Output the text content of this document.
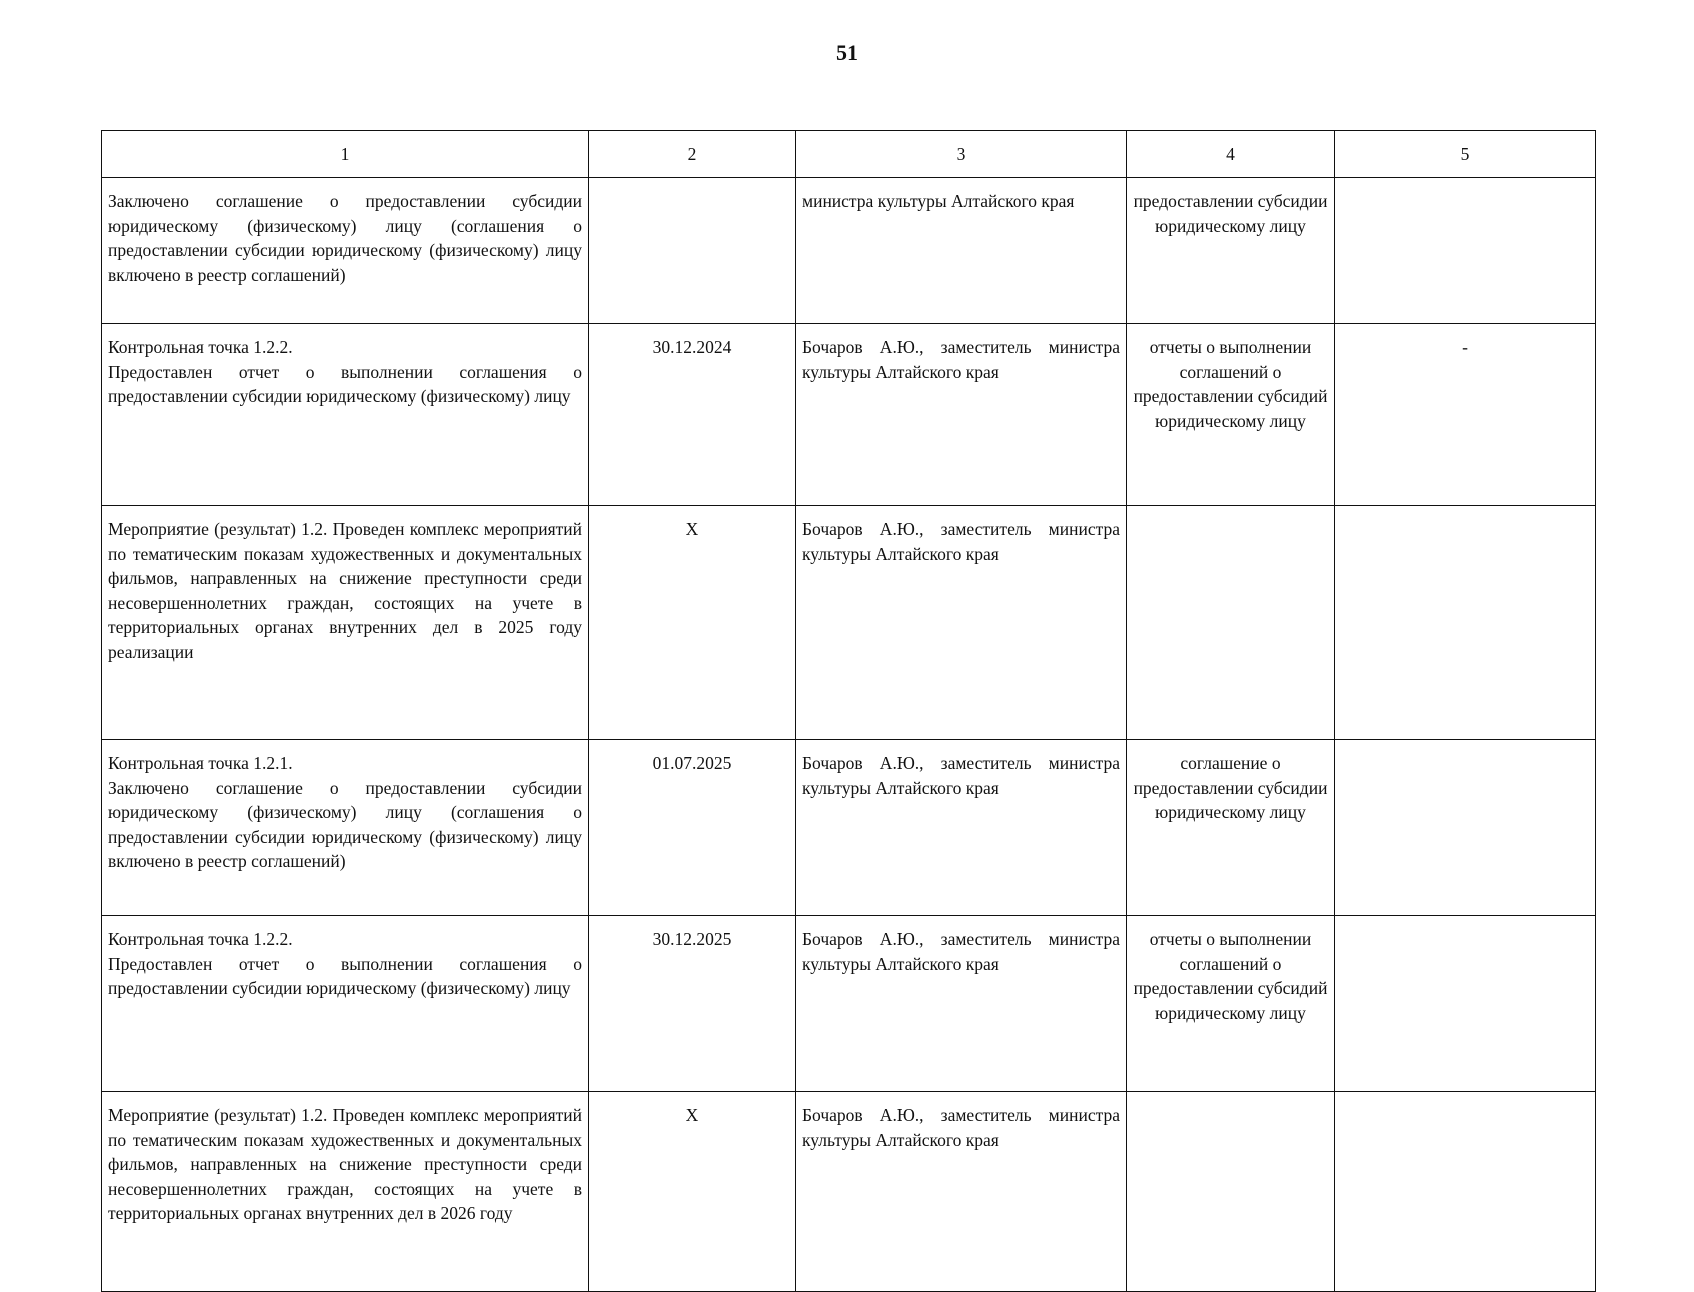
51
1	2	3	4	5
Заключено соглашение о предоставлении субсидии юридическому (физическому) лицу (соглашения о предоставлении субсидии юридическому (физическому) лицу включено в реестр соглашений)		министра культуры Алтайского края	предоставлении субсидии юридическому лицу	

Контрольная точка 1.2.2.
Предоставлен отчет о выполнении соглашения о предоставлении субсидии юридическому (физическому) лицу	30.12.2024	Бочаров А.Ю., заместитель министра культуры Алтайского края	отчеты о выполнении соглашений о предоставлении субсидий юридическому лицу	-
Мероприятие (результат) 1.2. Проведен комплекс мероприятий по тематическим показам художественных и документальных фильмов, направленных на снижение преступности среди несовершеннолетних граждан, состоящих на учете в территориальных органах внутренних дел в 2025 году реализации	Х	Бочаров А.Ю., заместитель министра культуры Алтайского края		

Контрольная точка 1.2.1.
Заключено соглашение о предоставлении субсидии юридическому (физическому) лицу (соглашения о предоставлении субсидии юридическому (физическому) лицу включено в реестр соглашений)	01.07.2025	Бочаров А.Ю., заместитель министра культуры Алтайского края	соглашение о предоставлении субсидии юридическому лицу	

Контрольная точка 1.2.2.
Предоставлен отчет о выполнении соглашения о предоставлении субсидии юридическому (физическому) лицу	30.12.2025	Бочаров А.Ю., заместитель министра культуры Алтайского края	отчеты о выполнении соглашений о предоставлении субсидий юридическому лицу	
Мероприятие (результат) 1.2. Проведен комплекс мероприятий по тематическим показам художественных и документальных фильмов, направленных на снижение преступности среди несовершеннолетних граждан, состоящих на учете в территориальных органах внутренних дел в 2026 году	Х	Бочаров А.Ю., заместитель министра культуры Алтайского края		
